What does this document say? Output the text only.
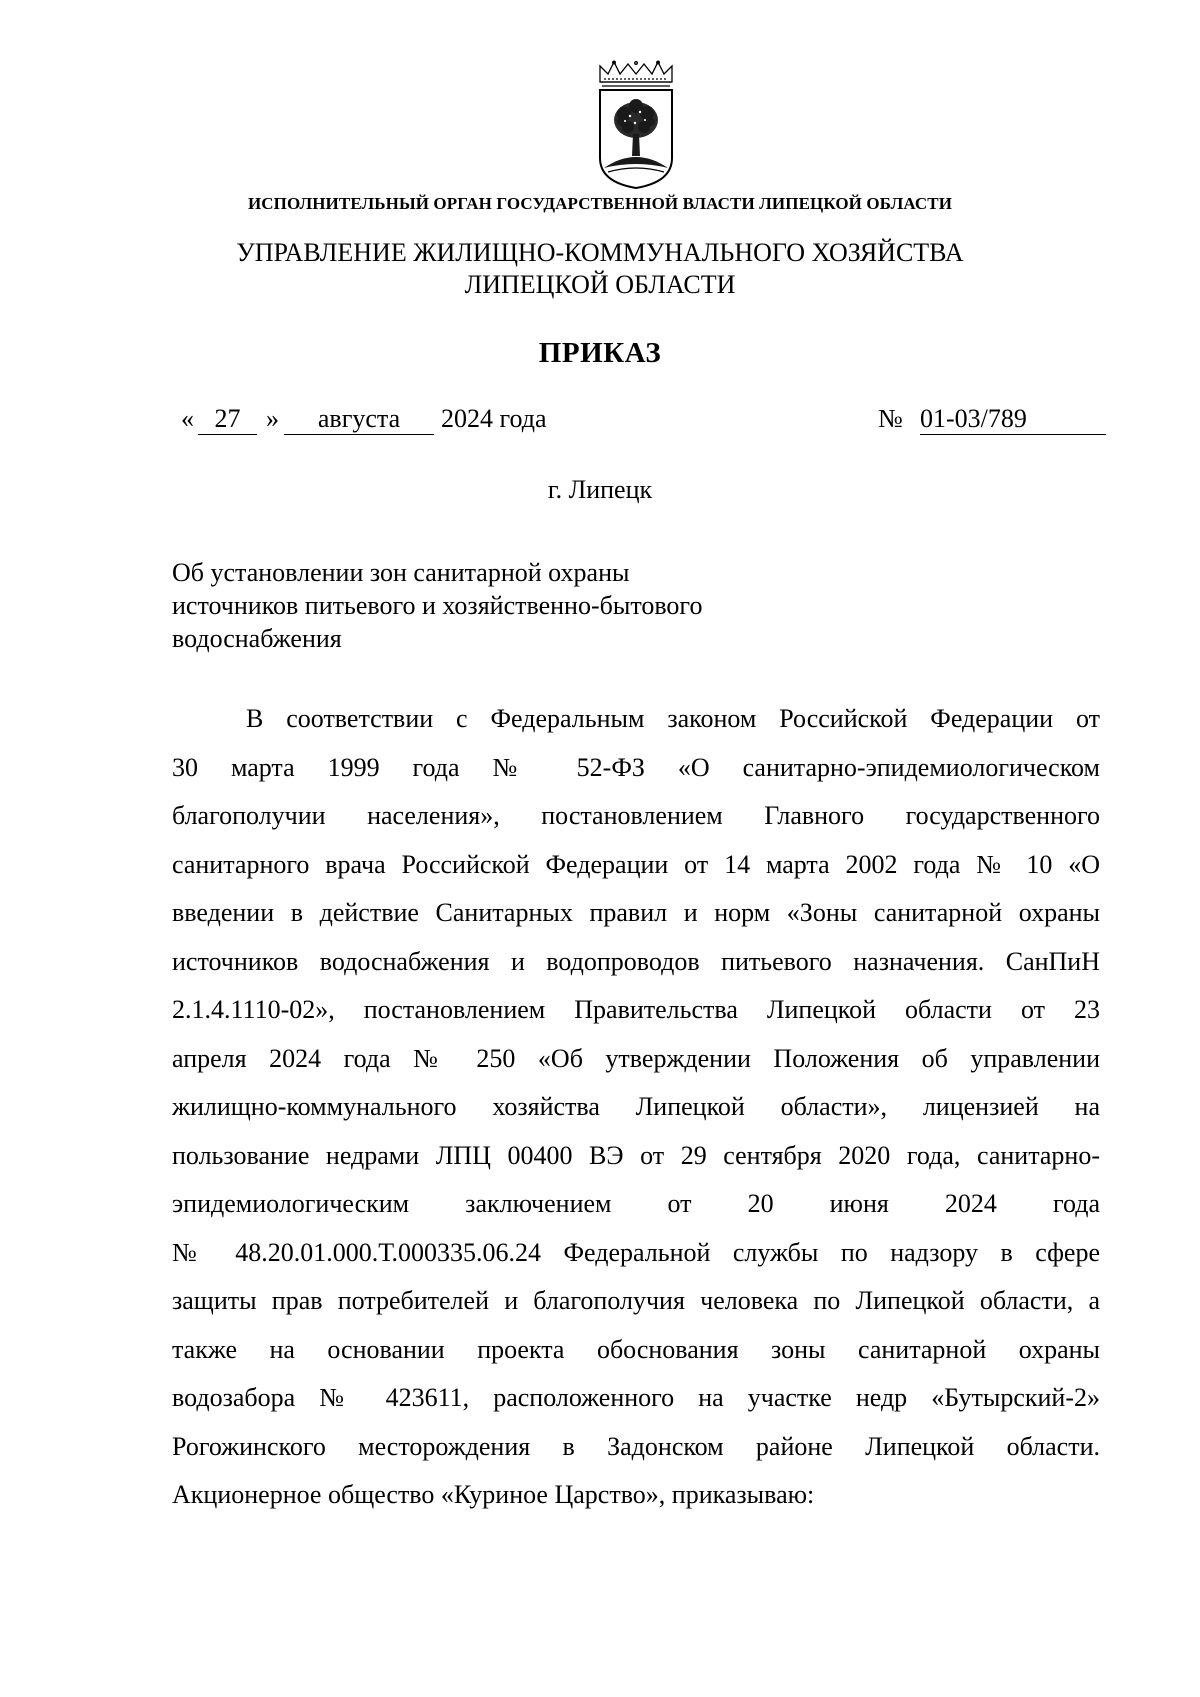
ИСПОЛНИТЕЛЬНЫЙ ОРГАН ГОСУДАРСТВЕННОЙ ВЛАСТИ ЛИПЕЦКОЙ ОБЛАСТИ
УПРАВЛЕНИЕ ЖИЛИЩНО-КОММУНАЛЬНОГО ХОЗЯЙСТВА
ЛИПЕЦКОЙ ОБЛАСТИ
ПРИКАЗ
« 27 »	августа	2024 года	№ 01-03/789
г. Липецк
Об установлении зон санитарной охраны
источников питьевого и хозяйственно-бытового
водоснабжения
В соответствии с Федеральным законом Российской Федерации от
30 марта 1999 года № 52-ФЗ «О санитарно-эпидемиологическом
благополучии населения», постановлением Главного государственного
санитарного врача Российской Федерации от 14 марта 2002 года № 10 «О
введении в действие Санитарных правил и норм «Зоны санитарной охраны
источников водоснабжения и водопроводов питьевого назначения. СанПиН
2.1.4.1110-02», постановлением Правительства Липецкой области от 23
апреля 2024 года № 250 «Об утверждении Положения об управлении
жилищно-коммунального хозяйства Липецкой области», лицензией на
пользование недрами ЛПЦ 00400 ВЭ от 29 сентября 2020 года, санитарно-
эпидемиологическим заключением от 20 июня 2024 года
№ 48.20.01.000.Т.000335.06.24 Федеральной службы по надзору в сфере
защиты прав потребителей и благополучия человека по Липецкой области, а
также на основании проекта обоснования зоны санитарной охраны
водозабора № 423611, расположенного на участке недр «Бутырский-2»
Рогожинского месторождения в Задонском районе Липецкой области.
Акционерное общество «Куриное Царство», приказываю:
